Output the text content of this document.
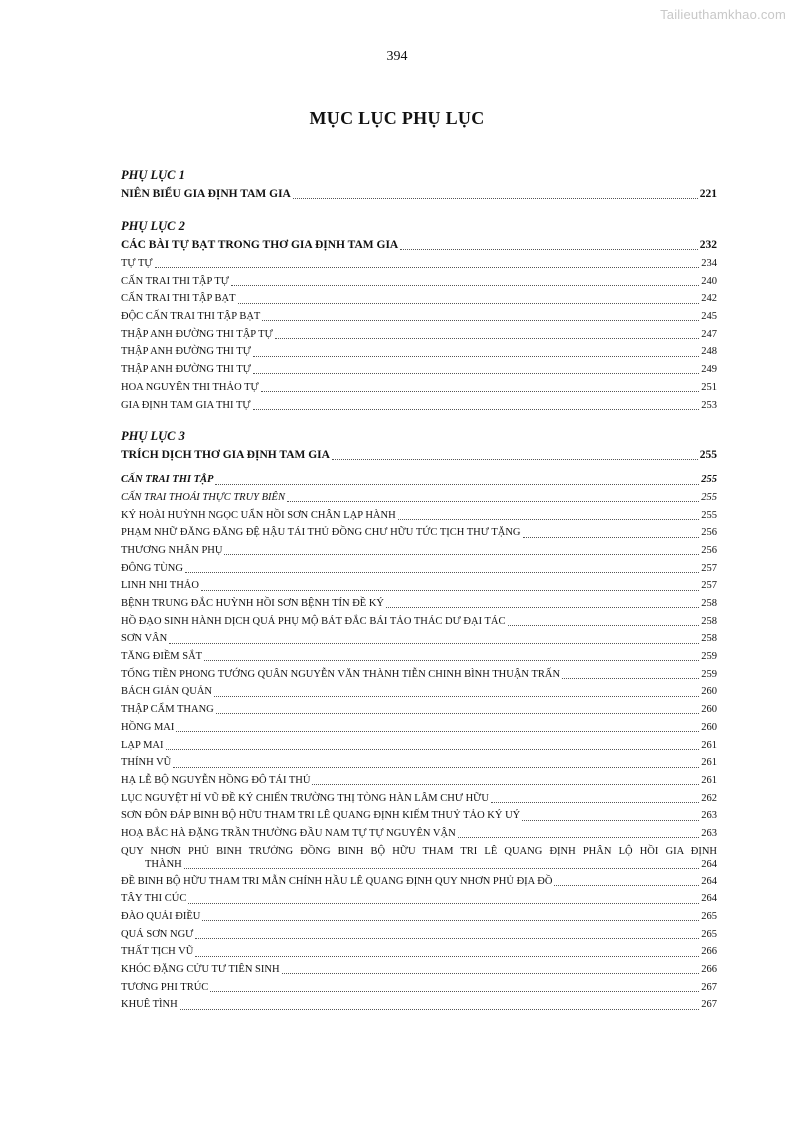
Tailieuthamkhao.com
394
MỤC LỤC PHỤ LỤC
PHỤ LỤC 1
NIÊN BIỂU GIA ĐỊNH TAM GIA	221
PHỤ LỤC 2
CÁC BÀI TỰ BẠT TRONG THƠ GIA ĐỊNH TAM GIA	232
TỰ TỰ	234
CẤN TRAI THI TẬP TỰ	240
CẤN TRAI THI TẬP BẠT	242
ĐỘC CẤN TRAI THI TẬP BẠT	245
THẬP ANH ĐƯỜNG THI TẬP TỰ	247
THẬP ANH ĐƯỜNG THI TỰ	248
THẬP ANH ĐƯỜNG THI TỰ	249
HOA NGUYÊN THI THẢO TỰ	251
GIA ĐỊNH TAM GIA THI TỰ	253
PHỤ LỤC 3
TRÍCH DỊCH THƠ GIA ĐỊNH TAM GIA	255
CẤN TRAI THI TẬP	255
CẤN TRAI THOÁI THỰC TRUY BIÊN	255
KÝ HOÀI HUỲNH NGỌC UẨN HỒI SƠN CHÂN LẠP HÀNH	255
PHẠM NHỮ ĐĂNG ĐĂNG ĐỆ HẬU TÁI THỦ ĐỒNG CHƯ HỮU TỨC TỊCH THƯ TẶNG	256
THƯƠNG NHÂN PHỤ	256
ĐÔNG TÙNG	257
LINH NHI THẢO	257
BỆNH TRUNG ĐẮC HUỲNH HỒI SƠN BỆNH TÍN ĐỀ KÝ	258
HỒ ĐẠO SINH HÀNH DỊCH QUÁ PHỤ MỘ BÁT ĐẮC BÁI TẢO THÁC DƯ ĐẠI TÁC	258
SƠN VÂN	258
TĂNG ĐIỀM SẮT	259
TỐNG TIỀN PHONG TƯỚNG QUÂN NGUYỄN VĂN THÀNH TIỄN CHINH BÌNH THUẬN TRẤN	259
BÁCH GIẢN QUẢN	260
THẬP CẨM THANG	260
HỒNG MAI	260
LẠP MAI	261
THÍNH VŨ	261
HẠ LỄ BỘ NGUYỄN HỒNG ĐÔ TÁI THỦ	261
LỤC NGUYỆT HỈ VŨ ĐỀ KÝ CHIẾN TRƯỜNG THỊ TÒNG HÀN LÂM CHƯ HỮU	262
SƠN ĐÔN ĐÁP BINH BỘ HỮU THAM TRI LÊ QUANG ĐỊNH KIẾM THUỶ TẢO KÝ UÝ	263
HOẠ BẮC HÀ ĐẶNG TRẦN THƯỜNG ĐẦU NAM TỰ TỰ NGUYÊN VẬN	263
QUY NHƠN PHỦ BINH TRƯỞNG ĐỒNG BINH BỘ HỮU THAM TRI LÊ QUANG ĐỊNH PHÂN LỘ HỒI GIA ĐỊNH
THÀNH	264
ĐỀ BINH BỘ HỮU THAM TRI MẪN CHÍNH HẦU LÊ QUANG ĐỊNH QUY NHƠN PHỦ ĐỊA ĐỒ	264
TÂY THI CÚC	264
ĐÀO QUẢI ĐIỀU	265
QUÁ SƠN NGƯ	265
THẤT TỊCH VŨ	266
KHÓC ĐẶNG CỬU TƯ TIÊN SINH	266
TƯƠNG PHI TRÚC	267
KHUÊ TÌNH	267
